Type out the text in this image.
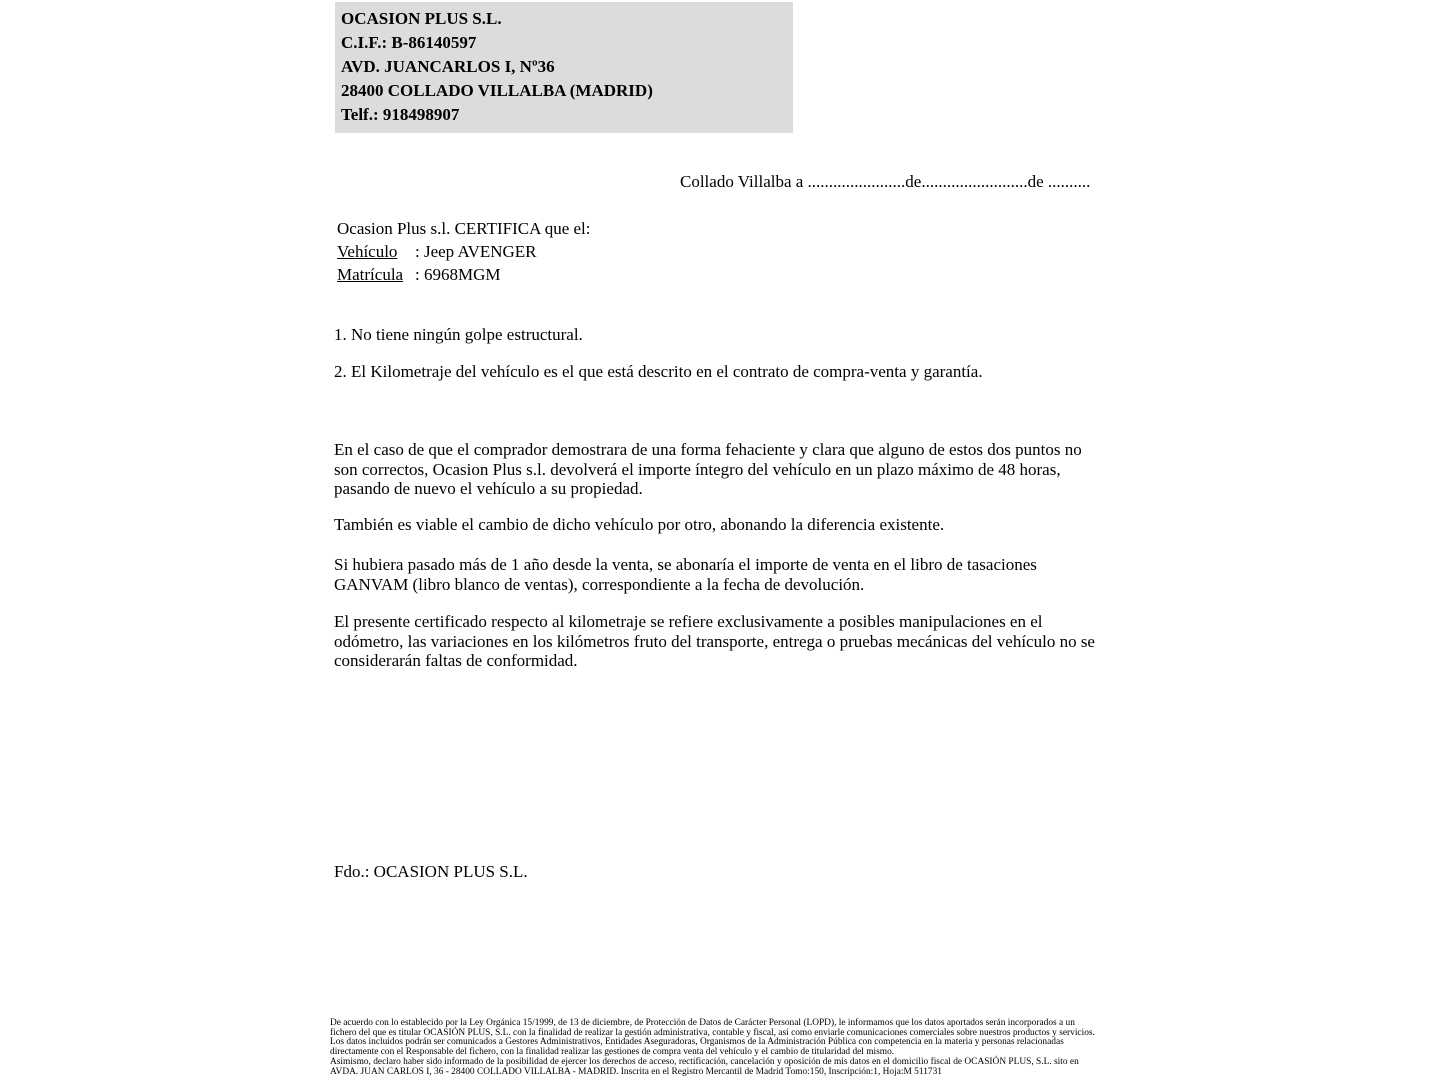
OCASION PLUS S.L.
C.I.F.: B-86140597
AVD. JUANCARLOS I, Nº36
28400 COLLADO VILLALBA (MADRID)
Telf.: 918498907
Collado Villalba a .......................de.........................de ..........
Ocasion Plus s.l. CERTIFICA que el:
Vehículo : Jeep AVENGER
Matrícula : 6968MGM
1. No tiene ningún golpe estructural.
2. El Kilometraje del vehículo es el que está descrito en el contrato de compra-venta y garantía.
En el caso de que el comprador demostrara de una forma fehaciente y clara que alguno de estos dos puntos no son correctos, Ocasion Plus s.l. devolverá el importe íntegro del vehículo en un plazo máximo de 48 horas, pasando de nuevo el vehículo a su propiedad.
También es viable el cambio de dicho vehículo por otro, abonando la diferencia existente.
Si hubiera pasado más de 1 año desde la venta, se abonaría el importe de venta en el libro de tasaciones GANVAM (libro blanco de ventas), correspondiente a la fecha de devolución.
El presente certificado respecto al kilometraje se refiere exclusivamente a posibles manipulaciones en el odómetro, las variaciones en los kilómetros fruto del transporte, entrega o pruebas mecánicas del vehículo no se considerarán faltas de conformidad.
Fdo.: OCASION PLUS S.L.

De acuerdo con lo establecido por la Ley Orgánica 15/1999, de 13 de diciembre, de Protección de Datos de Carácter Personal (LOPD), le informamos que los datos aportados serán incorporados a un fichero del que es titular OCASIÓN PLUS, S.L. con la finalidad de realizar la gestión administrativa, contable y fiscal, así como enviarle comunicaciones comerciales sobre nuestros productos y servicios.

Los datos incluidos podrán ser comunicados a Gestores Administrativos, Entidades Aseguradoras, Organismos de la Administración Pública con competencia en la materia y personas relacionadas directamente con el Responsable del fichero, con la finalidad realizar las gestiones de compra venta del vehículo y el cambio de titularidad del mismo.

Asimismo, declaro haber sido informado de la posibilidad de ejercer los derechos de acceso, rectificación, cancelación y oposición de mis datos en el domicilio fiscal de OCASIÓN PLUS, S.L. sito en AVDA. JUAN CARLOS I, 36 - 28400 COLLADO VILLALBA - MADRID. Inscrita en el Registro Mercantil de Madrid Tomo:150, Inscripción:1, Hoja:M 511731
